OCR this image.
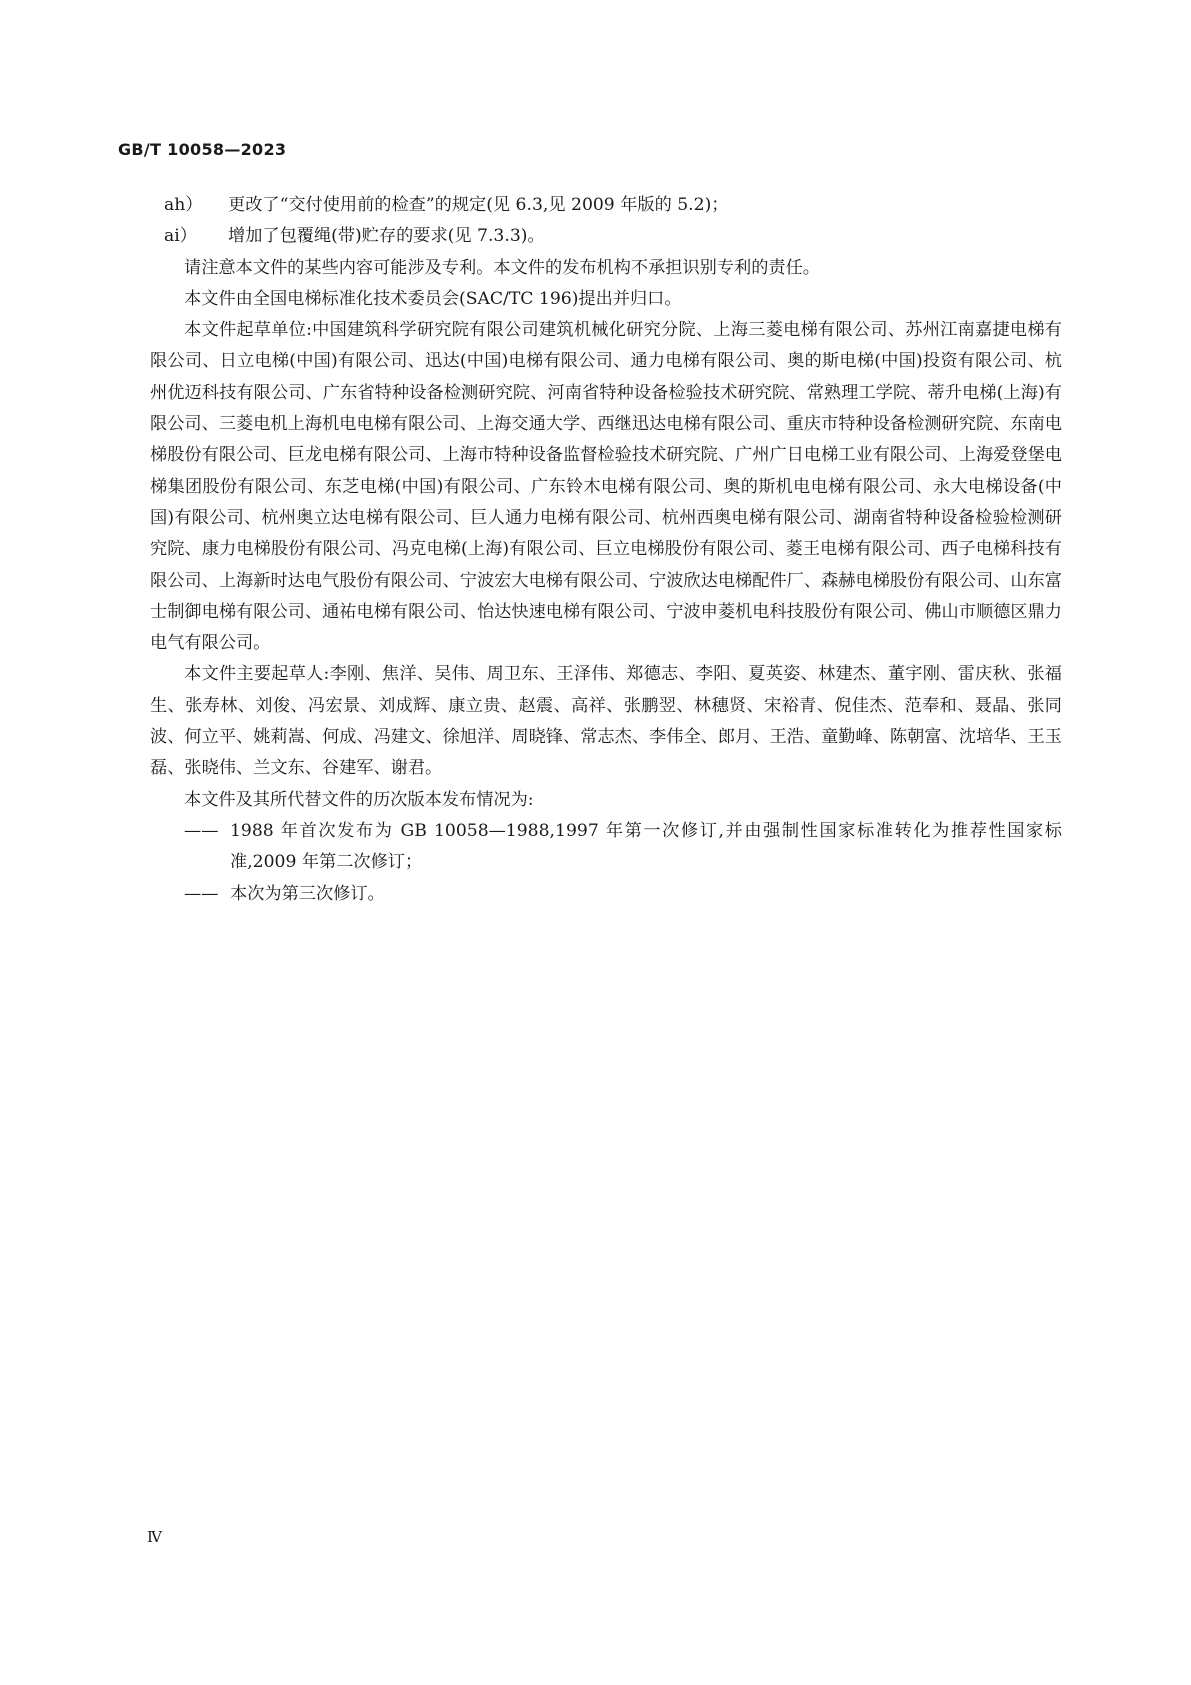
GB/T 10058—2023
ah）	更改了“交付使用前的检查”的规定(见 6.3,见 2009 年版的 5.2)；
ai）	增加了包覆绳(带)贮存的要求(见 7.3.3)。

请注意本文件的某些内容可能涉及专利。本文件的发布机构不承担识别专利的责任。

本文件由全国电梯标准化技术委员会(SAC/TC 196)提出并归口。

本文件起草单位:中国建筑科学研究院有限公司建筑机械化研究分院、上海三菱电梯有限公司、苏州江南嘉捷电梯有限公司、日立电梯(中国)有限公司、迅达(中国)电梯有限公司、通力电梯有限公司、奥的斯电梯(中国)投资有限公司、杭州优迈科技有限公司、广东省特种设备检测研究院、河南省特种设备检验技术研究院、常熟理工学院、蒂升电梯(上海)有限公司、三菱电机上海机电电梯有限公司、上海交通大学、西继迅达电梯有限公司、重庆市特种设备检测研究院、东南电梯股份有限公司、巨龙电梯有限公司、上海市特种设备监督检验技术研究院、广州广日电梯工业有限公司、上海爱登堡电梯集团股份有限公司、东芝电梯(中国)有限公司、广东铃木电梯有限公司、奥的斯机电电梯有限公司、永大电梯设备(中国)有限公司、杭州奥立达电梯有限公司、巨人通力电梯有限公司、杭州西奥电梯有限公司、湖南省特种设备检验检测研究院、康力电梯股份有限公司、冯克电梯(上海)有限公司、巨立电梯股份有限公司、菱王电梯有限公司、西子电梯科技有限公司、上海新时达电气股份有限公司、宁波宏大电梯有限公司、宁波欣达电梯配件厂、森赫电梯股份有限公司、山东富士制御电梯有限公司、通祐电梯有限公司、怡达快速电梯有限公司、宁波申菱机电科技股份有限公司、佛山市顺德区鼎力电气有限公司。

本文件主要起草人:李刚、焦洋、吴伟、周卫东、王泽伟、郑德志、李阳、夏英姿、林建杰、董宇刚、雷庆秋、张福生、张寿林、刘俊、冯宏景、刘成辉、康立贵、赵震、高祥、张鹏翌、林穗贤、宋裕青、倪佳杰、范奉和、聂晶、张同波、何立平、姚莉嵩、何成、冯建文、徐旭洋、周晓锋、常志杰、李伟全、郎月、王浩、童勤峰、陈朝富、沈培华、王玉磊、张晓伟、兰文东、谷建军、谢君。

本文件及其所代替文件的历次版本发布情况为:

—— 1988 年首次发布为 GB 10058—1988,1997 年第一次修订,并由强制性国家标准转化为推荐性国家标准,2009 年第二次修订；
—— 本次为第三次修订。
Ⅳ
